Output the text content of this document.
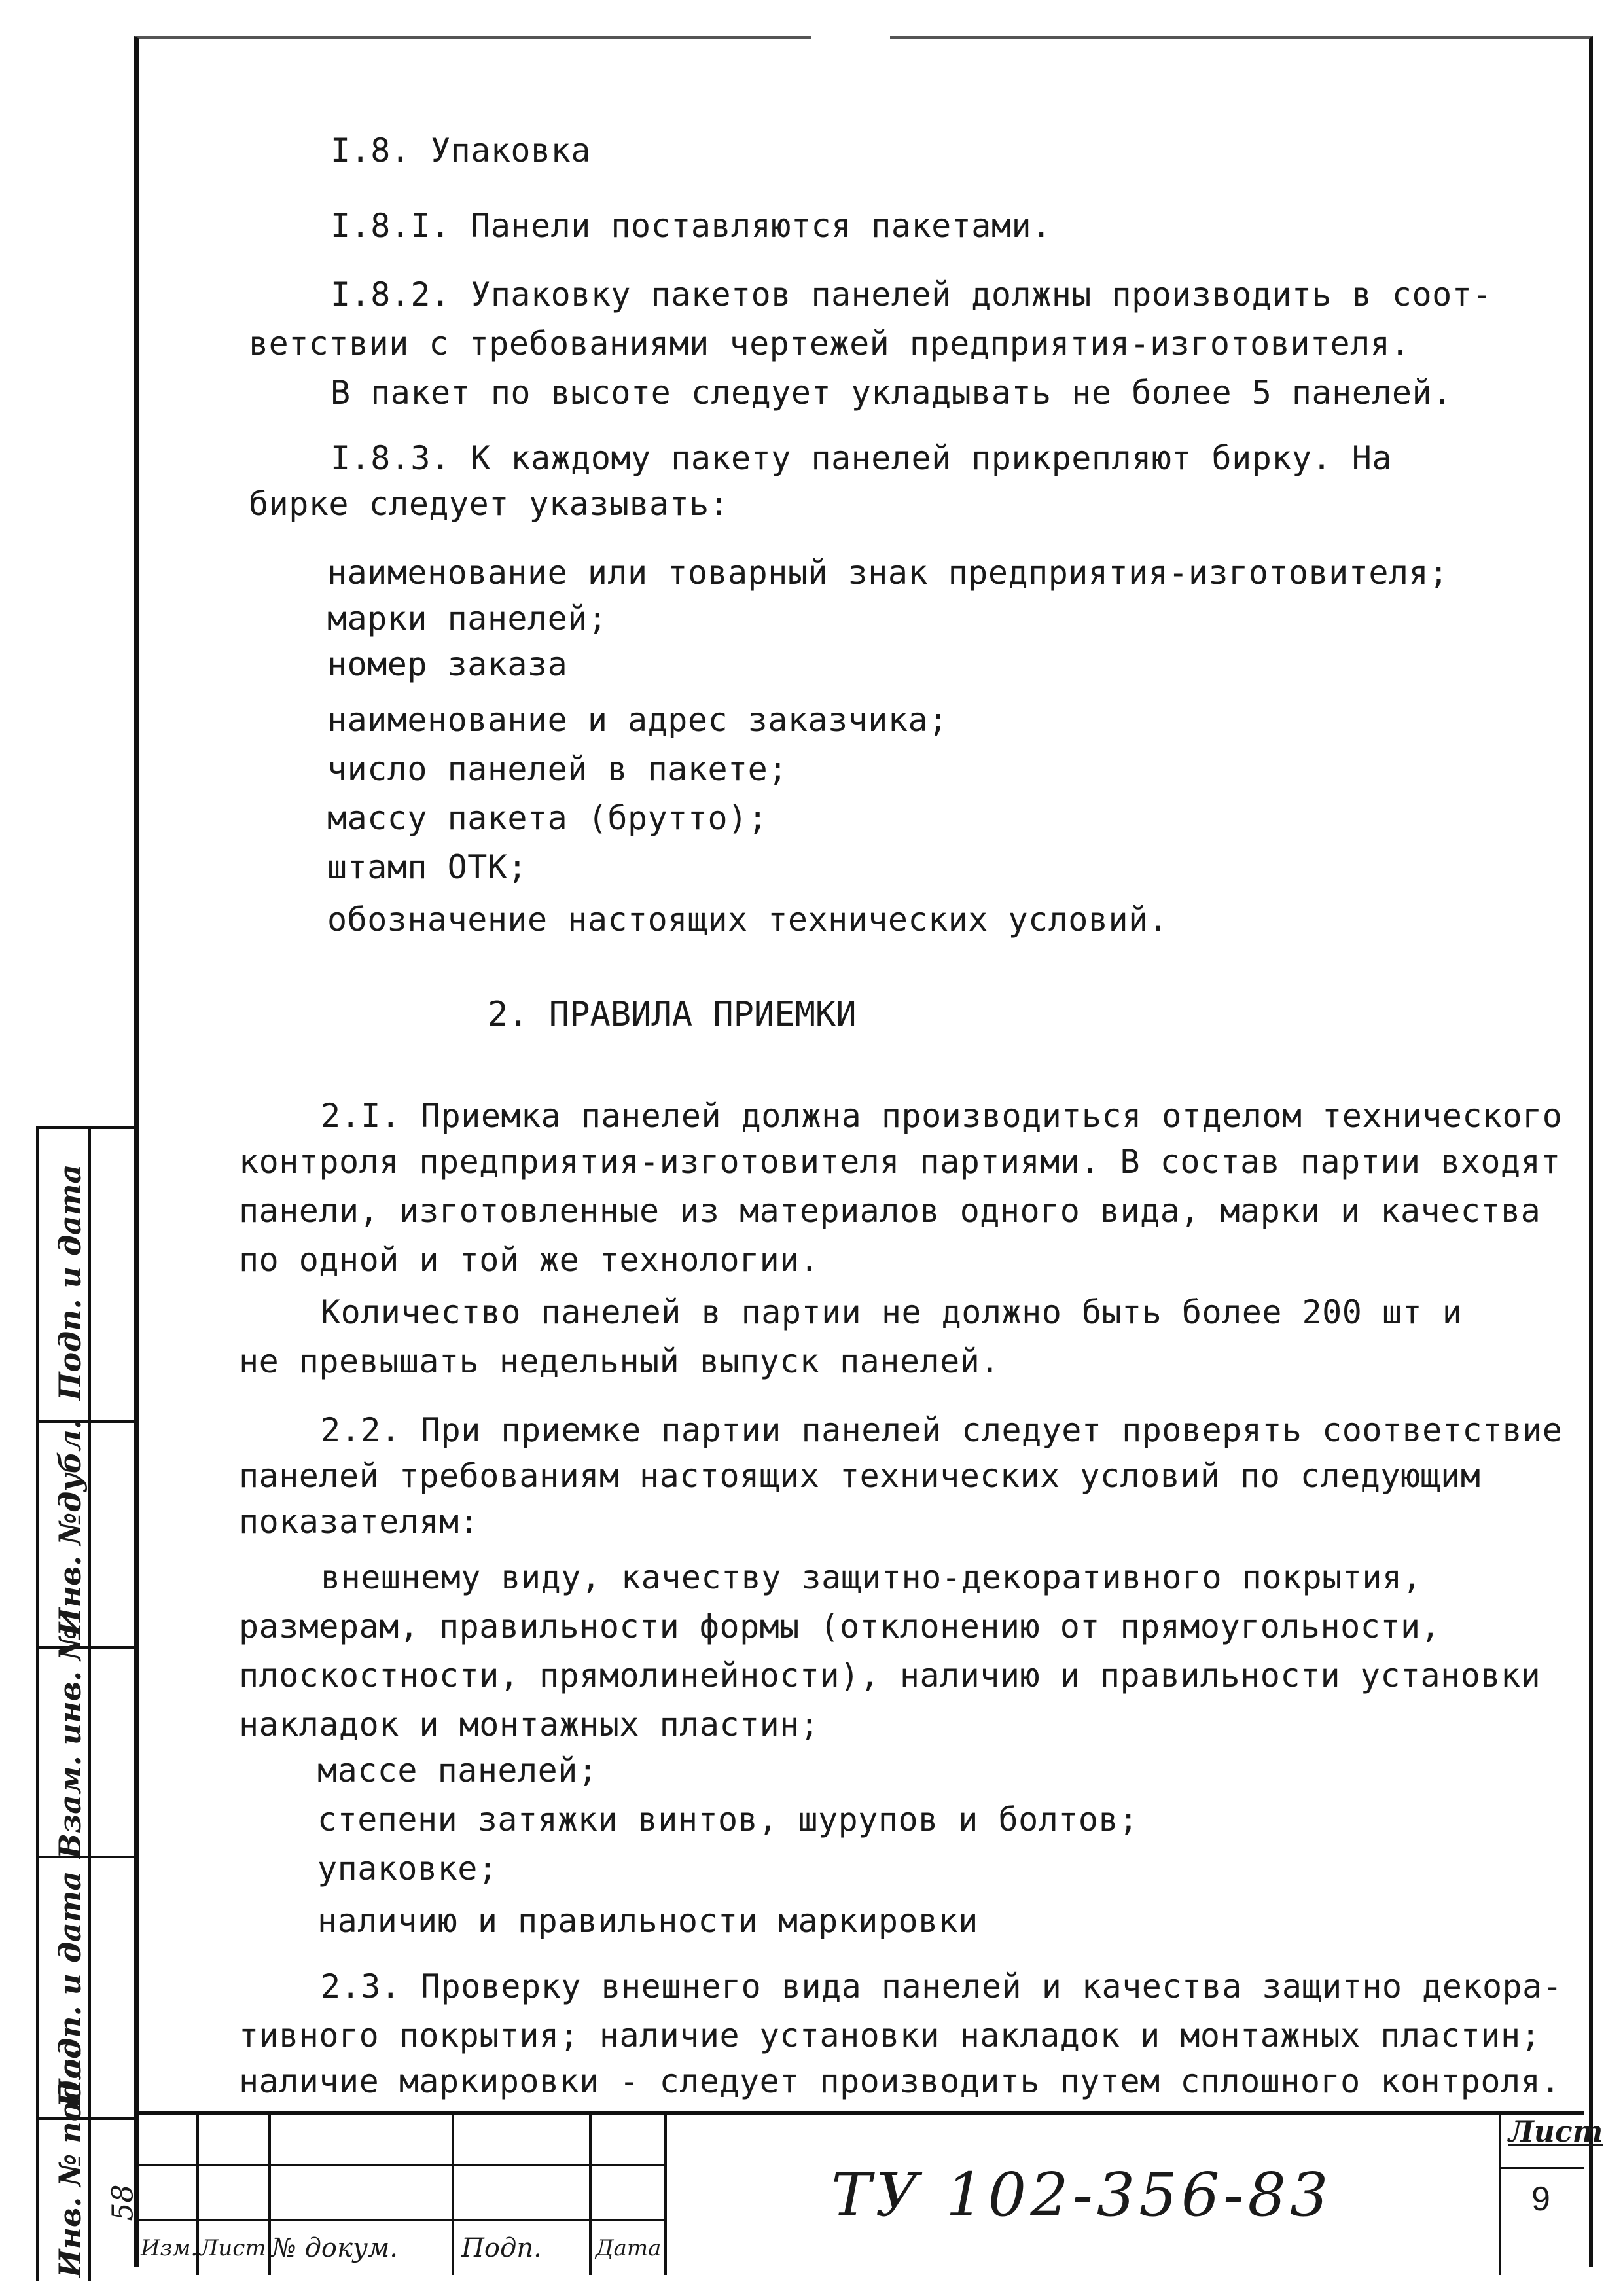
I.8. Упаковка
I.8.I. Панели поставляются пакетами.
I.8.2. Упаковку пакетов панелей должны производить в соот-
ветствии с требованиями чертежей предприятия-изготовителя.
В пакет по высоте следует укладывать не более 5 панелей.
I.8.3. К каждому пакету панелей прикрепляют бирку. На
бирке следует указывать:
наименование или товарный знак предприятия-изготовителя;
марки панелей;
номер заказа
наименование и адрес заказчика;
число панелей в пакете;
массу пакета (брутто);
штамп ОТК;
обозначение настоящих технических условий.
2. ПРАВИЛА ПРИЕМКИ
2.I. Приемка панелей должна производиться отделом технического
контроля предприятия-изготовителя партиями. В состав партии входят
панели, изготовленные из материалов одного вида, марки и качества
по одной и той же технологии.
Количество панелей в партии не должно быть более 200 шт и
не превышать недельный выпуск панелей.
2.2. При приемке партии панелей следует проверять соответствие
панелей требованиям настоящих технических условий по следующим
показателям:
внешнему виду, качеству защитно-декоративного покрытия,
размерам, правильности формы (отклонению от прямоугольности,
плоскостности, прямолинейности), наличию и правильности установки
накладок и монтажных пластин;
массе панелей;
степени затяжки винтов, шурупов и болтов;
упаковке;
наличию и правильности маркировки
2.3. Проверку внешнего вида панелей и качества защитно декора-
тивного покрытия; наличие установки накладок и монтажных пластин;
наличие маркировки - следует производить путем сплошного контроля.
Подп. и дата
Инв. №дубл.
Взам. инв. №
Подп. и дата
Инв. № подл. 58
Изм. Лист № докум. Подп. Дата
ТУ 102-356-83
Лист
9
